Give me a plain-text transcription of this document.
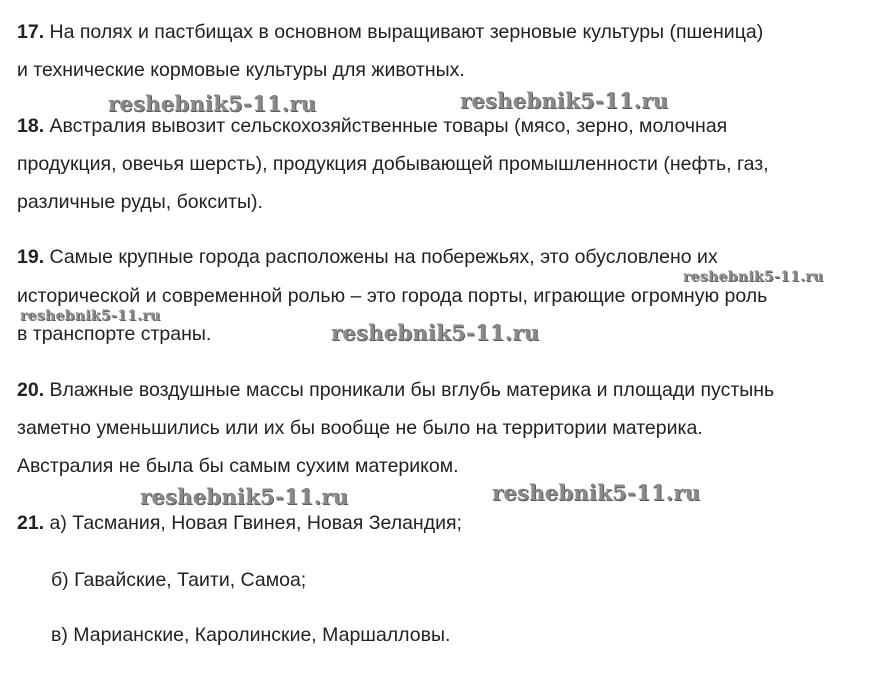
17. На полях и пастбищах в основном выращивают зерновые культуры (пшеница)
и технические кормовые культуры для животных.
18. Австралия вывозит сельскохозяйственные товары (мясо, зерно, молочная
продукция, овечья шерсть), продукция добывающей промышленности (нефть, газ,
различные руды, бокситы).
19. Самые крупные города расположены на побережьях, это обусловлено их
исторической и современной ролью – это города порты, играющие огромную роль
в транспорте страны.
20. Влажные воздушные массы проникали бы вглубь материка и площади пустынь
заметно уменьшились или их бы вообще не было на территории материка.
Австралия не была бы самым сухим материком.
21. а) Тасмания, Новая Гвинея, Новая Зеландия;
б) Гавайские, Таити, Самоа;
в) Марианские, Каролинские, Маршалловы.
reshebnik5-11.ru	reshebnik5-11.ru
reshebnik5-11.ru
reshebnik5-11.ru
reshebnik5-11.ru
reshebnik5-11.ru	reshebnik5-11.ru
